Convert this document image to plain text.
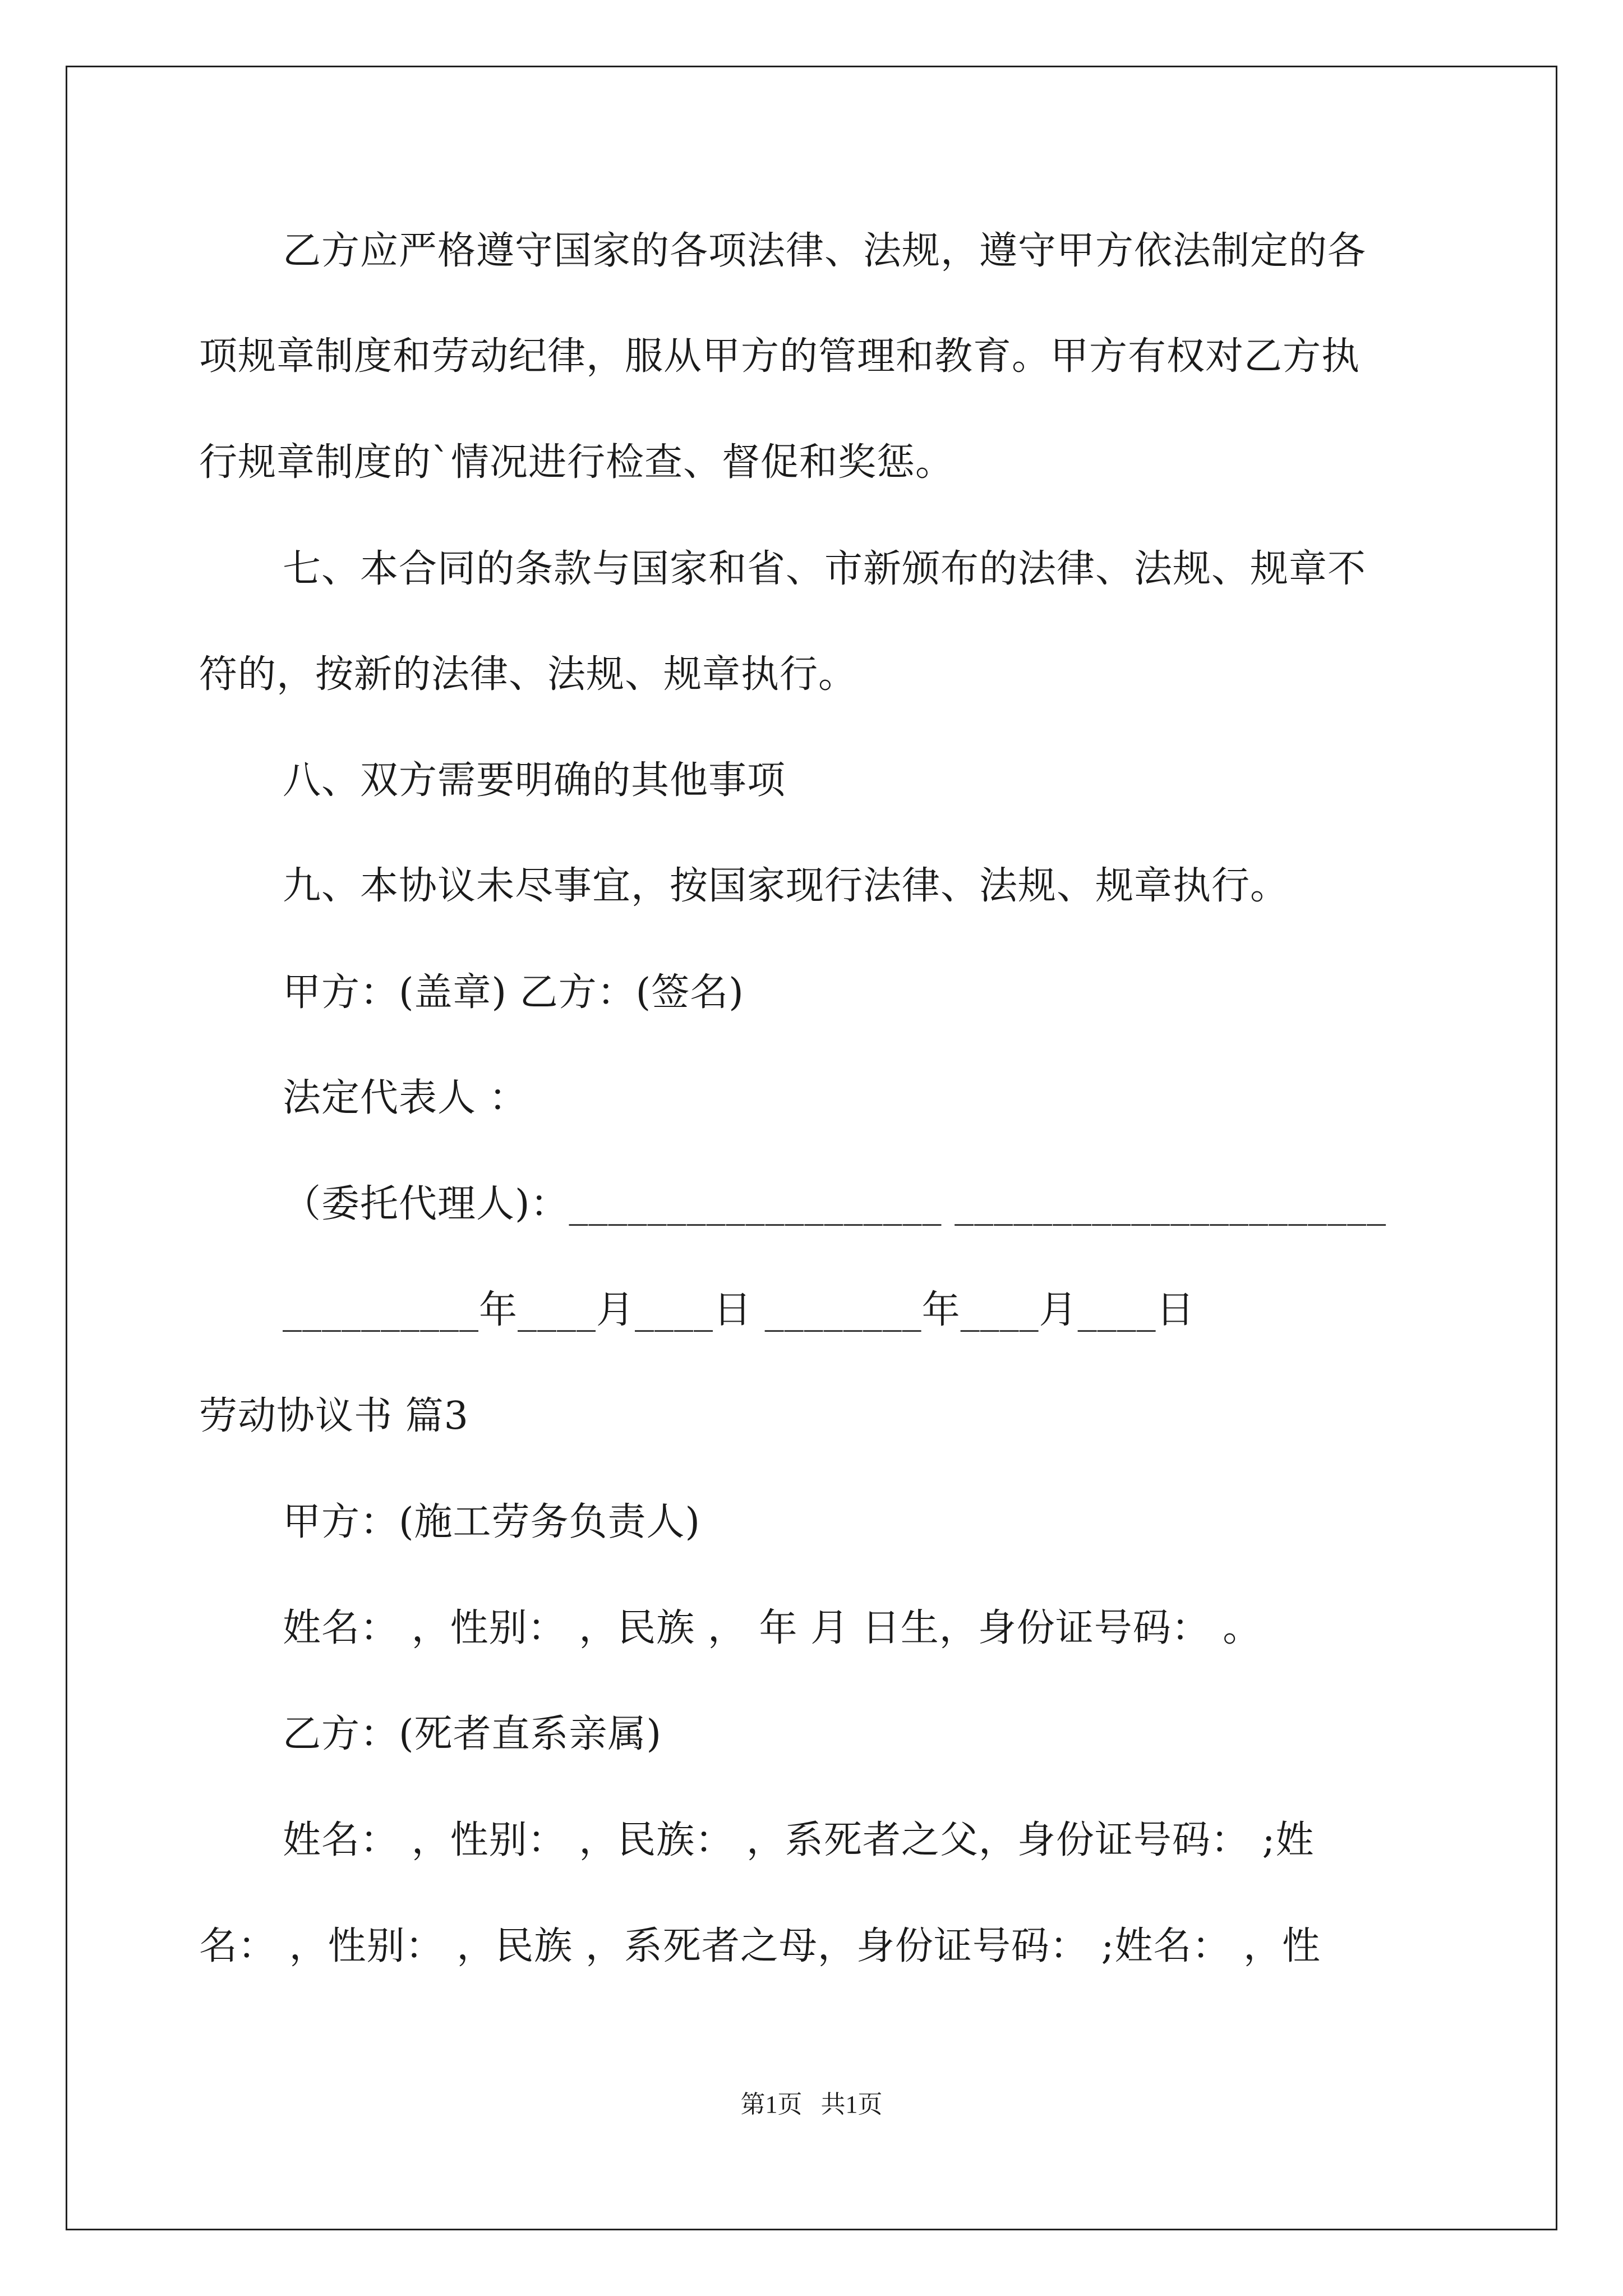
乙方应严格遵守国家的各项法律、法规，遵守甲方依法制定的各
项规章制度和劳动纪律，服从甲方的管理和教育。甲方有权对乙方执
行规章制度的`情况进行检查、督促和奖惩。
七、本合同的条款与国家和省、市新颁布的法律、法规、规章不
符的，按新的法律、法规、规章执行。
八、双方需要明确的其他事项
九、本协议未尽事宜，按国家现行法律、法规、规章执行。
甲方：(盖章) 乙方：(签名)
法定代表人 ：
（委托代理人)：___________________ ______________________
__________年____月____日 ________年____月____日
劳动协议书 篇3
甲方：(施工劳务负责人)
姓名： ，性别： ，民族 ， 年 月 日生，身份证号码： 。
乙方：(死者直系亲属)
姓名： ，性别： ，民族： ，系死者之父，身份证号码： ;姓
名： ，性别： ，民族 ，系死者之母，身份证号码： ;姓名： ，性
第1页   共1页
